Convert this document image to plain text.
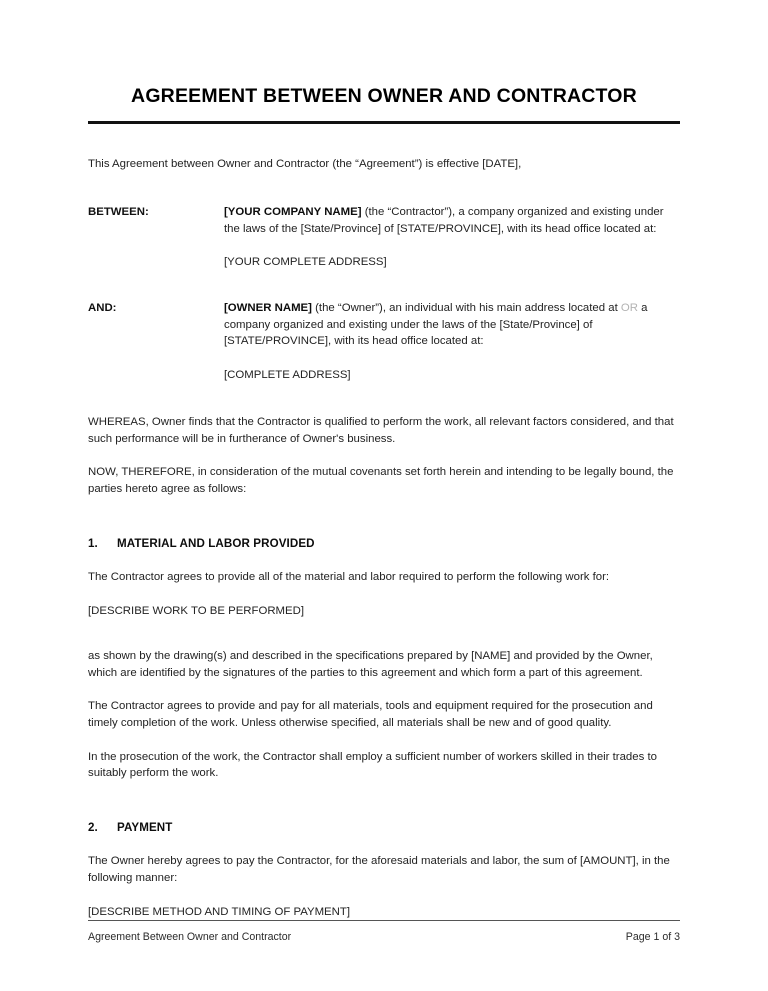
AGREEMENT BETWEEN OWNER AND CONTRACTOR

This Agreement between Owner and Contractor (the “Agreement”) is effective [DATE],

BETWEEN:	[YOUR COMPANY NAME] (the “Contractor”), a company organized and existing under the laws of the [State/Province] of [STATE/PROVINCE], with its head office located at:
[YOUR COMPLETE ADDRESS]
AND:	[OWNER NAME] (the “Owner”), an individual with his main address located at OR a company organized and existing under the laws of the [State/Province] of [STATE/PROVINCE], with its head office located at:
[COMPLETE ADDRESS]

WHEREAS, Owner finds that the Contractor is qualified to perform the work, all relevant factors considered, and that such performance will be in furtherance of Owner's business.

NOW, THEREFORE, in consideration of the mutual covenants set forth herein and intending to be legally bound, the parties hereto agree as follows:

1.	MATERIAL AND LABOR PROVIDED

The Contractor agrees to provide all of the material and labor required to perform the following work for:

[DESCRIBE WORK TO BE PERFORMED]

as shown by the drawing(s) and described in the specifications prepared by [NAME] and provided by the Owner, which are identified by the signatures of the parties to this agreement and which form a part of this agreement.

The Contractor agrees to provide and pay for all materials, tools and equipment required for the prosecution and timely completion of the work. Unless otherwise specified, all materials shall be new and of good quality.

In the prosecution of the work, the Contractor shall employ a sufficient number of workers skilled in their trades to suitably perform the work.

2.	PAYMENT

The Owner hereby agrees to pay the Contractor, for the aforesaid materials and labor, the sum of [AMOUNT], in the following manner:

[DESCRIBE METHOD AND TIMING OF PAYMENT]

Agreement Between Owner and Contractor	Page 1 of 3
